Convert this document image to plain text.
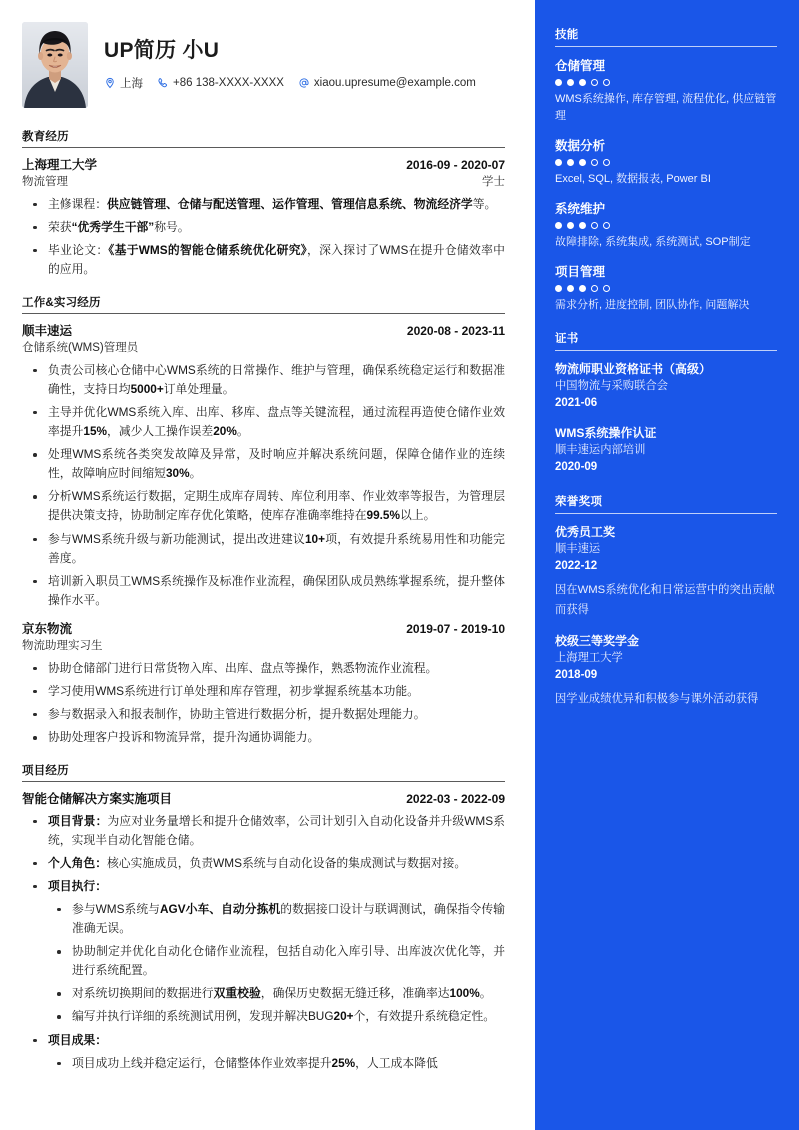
UP简历 小U
上海	+86 138-XXXX-XXXX	xiaou.upresume@example.com
教育经历
上海理工大学	2016-09 - 2020-07
物流管理	学士
主修课程：供应链管理、仓储与配送管理、运作管理、管理信息系统、物流经济学等。
荣获“优秀学生干部”称号。
毕业论文：《基于WMS的智能仓储系统优化研究》，深入探讨了WMS在提升仓储效率中的应用。
工作&实习经历
顺丰速运	2020-08 - 2023-11
仓储系统(WMS)管理员
负责公司核心仓储中心WMS系统的日常操作、维护与管理，确保系统稳定运行和数据准确性，支持日均5000+订单处理量。
主导并优化WMS系统入库、出库、移库、盘点等关键流程，通过流程再造使仓储作业效率提升15%，减少人工操作误差20%。
处理WMS系统各类突发故障及异常，及时响应并解决系统问题，保障仓储作业的连续性，故障响应时间缩短30%。
分析WMS系统运行数据，定期生成库存周转、库位利用率、作业效率等报告，为管理层提供决策支持，协助制定库存优化策略，使库存准确率维持在99.5%以上。
参与WMS系统升级与新功能测试，提出改进建议10+项，有效提升系统易用性和功能完善度。
培训新入职员工WMS系统操作及标准作业流程，确保团队成员熟练掌握系统，提升整体操作水平。
京东物流	2019-07 - 2019-10
物流助理实习生
协助仓储部门进行日常货物入库、出库、盘点等操作，熟悉物流作业流程。
学习使用WMS系统进行订单处理和库存管理，初步掌握系统基本功能。
参与数据录入和报表制作，协助主管进行数据分析，提升数据处理能力。
协助处理客户投诉和物流异常，提升沟通协调能力。
项目经历
智能仓储解决方案实施项目	2022-03 - 2022-09
项目背景：为应对业务量增长和提升仓储效率，公司计划引入自动化设备并升级WMS系统，实现半自动化智能仓储。
个人角色：核心实施成员，负责WMS系统与自动化设备的集成测试与数据对接。
项目执行：
参与WMS系统与AGV小车、自动分拣机的数据接口设计与联调测试，确保指令传输准确无误。
协助制定并优化自动化仓储作业流程，包括自动化入库引导、出库波次优化等，并进行系统配置。
对系统切换期间的数据进行双重校验，确保历史数据无缝迁移，准确率达100%。
编写并执行详细的系统测试用例，发现并解决BUG20+个，有效提升系统稳定性。
项目成果：
项目成功上线并稳定运行，仓储整体作业效率提升25%，人工成本降低
技能
仓储管理
WMS系统操作, 库存管理, 流程优化, 供应链管理
数据分析
Excel, SQL, 数据报表, Power BI
系统维护
故障排除, 系统集成, 系统测试, SOP制定
项目管理
需求分析, 进度控制, 团队协作, 问题解决
证书
物流师职业资格证书（高级）
中国物流与采购联合会
2021-06
WMS系统操作认证
顺丰速运内部培训
2020-09
荣誉奖项
优秀员工奖
顺丰速运
2022-12
因在WMS系统优化和日常运营中的突出贡献而获得
校级三等奖学金
上海理工大学
2018-09
因学业成绩优异和积极参与课外活动获得
